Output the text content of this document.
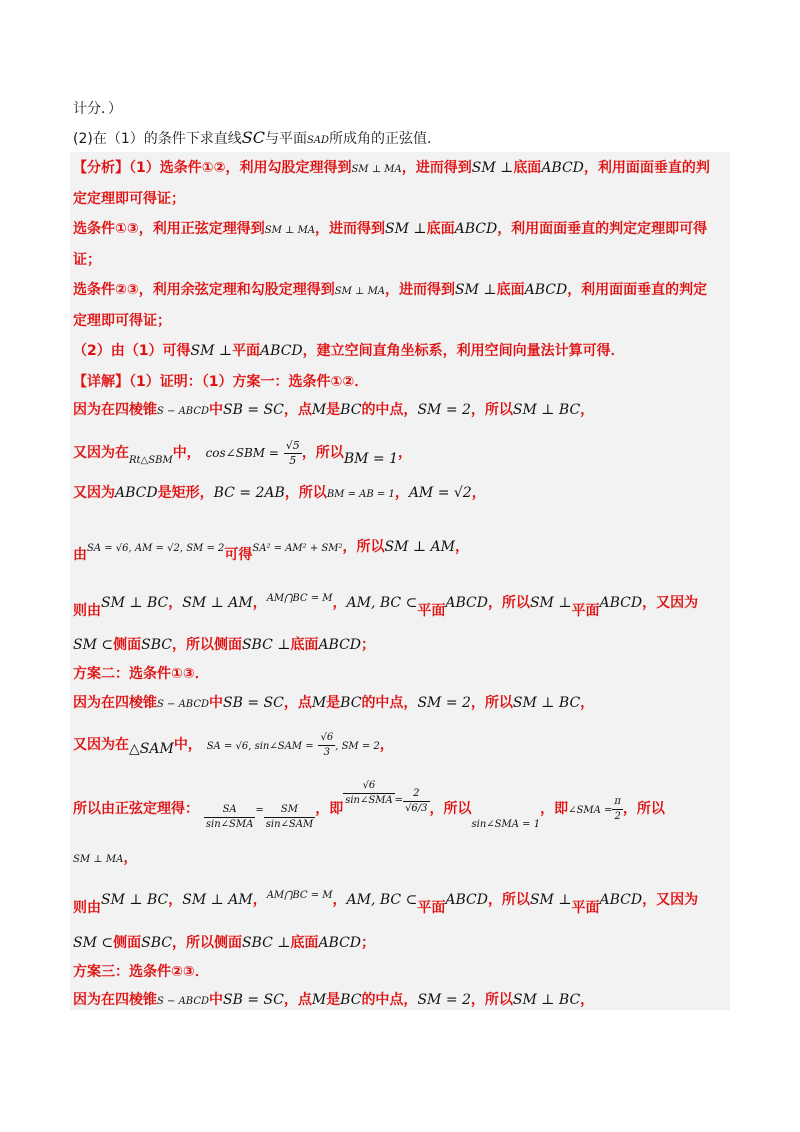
计分．）
(2)在（1）的条件下求直线SC与平面SAD所成角的正弦值．
【分析】（1）选条件①②，利用勾股定理得到SM ⊥ MA，进而得到SM ⊥底面ABCD，利用面面垂直的判
定定理即可得证；
选条件①③，利用正弦定理得到SM ⊥ MA，进而得到SM ⊥底面ABCD，利用面面垂直的判定定理即可得
证；
选条件②③，利用余弦定理和勾股定理得到SM ⊥ MA，进而得到SM ⊥底面ABCD，利用面面垂直的判定
定理即可得证；
（2）由（1）可得SM ⊥平面ABCD，建立空间直角坐标系，利用空间向量法计算可得．
【详解】（1）证明：（1）方案一：选条件①②．
因为在四棱锥S − ABCD中SB = SC，点M是BC的中点，SM = 2，所以SM ⊥ BC，
又因为在$_{Rt\triangle SBM}$中， cos∠SBM = $\frac{√5}{5}$ ，所以BM = 1，
又因为ABCD是矩形，BC = 2AB，所以BM = AB = 1，AM = √2，
由SA = √6, AM = √2, SM = 2可得SA² = AM² + SM²，所以SM ⊥ AM，
则由SM ⊥ BC，SM ⊥ AM，$^{AM⋂BC = M}$，AM, BC ⊂平面ABCD，所以SM ⊥平面ABCD，又因为
SM ⊂侧面SBC，所以侧面SBC ⊥底面ABCD；
方案二：选条件①③．
因为在四棱锥S − ABCD中SB = SC，点M是BC的中点，SM = 2，所以SM ⊥ BC，
又因为在△SAM中， SA = √6, sin∠SAM = $\frac{√6}{3}$ , SM = 2，
所以由正弦定理得： $\frac{SA}{\text{sin∠SMA}} = \frac{SM}{\text{sin∠SAM}}$ ，即
$\frac{√6}{\text{sin∠SMA}} ^= \frac{2}{√6/3}$ ，所以$_{sin\angle SMA = 1}$，即∠SMA = $\frac{\pi}{2}$ ，所以
SM ⊥ MA，
则由SM ⊥ BC，SM ⊥ AM，$^{AM⋂BC = M}$，AM, BC ⊂平面ABCD，所以SM ⊥平面ABCD，又因为
SM ⊂侧面SBC，所以侧面SBC ⊥底面ABCD；
方案三：选条件②③．
因为在四棱锥S − ABCD中SB = SC，点M是BC的中点，SM = 2，所以SM ⊥ BC，
